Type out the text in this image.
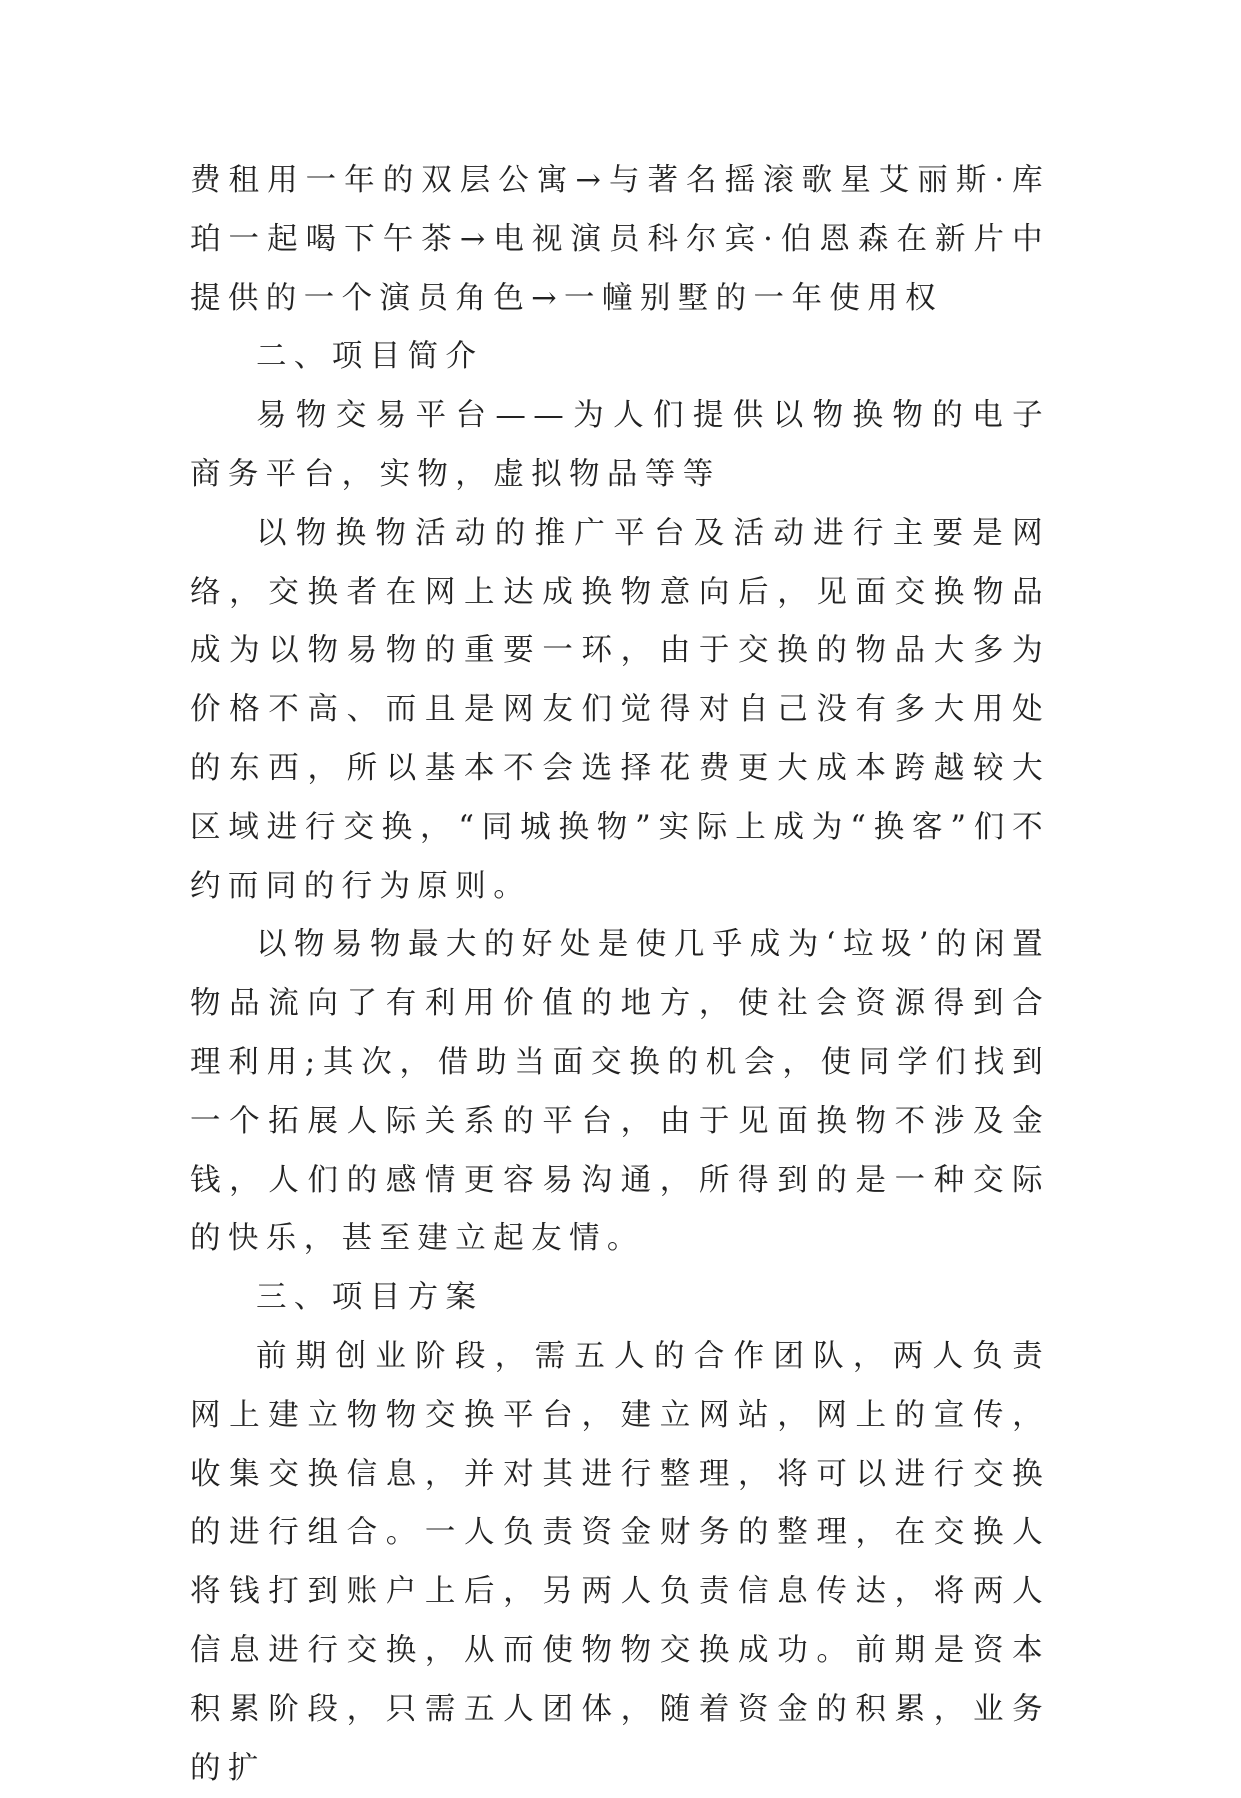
费租用一年的双层公寓→与著名摇滚歌星艾丽斯·库珀一起喝下午茶→电视演员科尔宾·伯恩森在新片中提供的一个演员角色→一幢别墅的一年使用权

二、项目简介

易物交易平台——为人们提供以物换物的电子商务平台，实物，虚拟物品等等

以物换物活动的推广平台及活动进行主要是网络，交换者在网上达成换物意向后，见面交换物品成为以物易物的重要一环，由于交换的物品大多为价格不高、而且是网友们觉得对自己没有多大用处的东西，所以基本不会选择花费更大成本跨越较大区域进行交换，“同城换物”实际上成为“换客”们不约而同的行为原则。

以物易物最大的好处是使几乎成为‘垃圾’的闲置物品流向了有利用价值的地方，使社会资源得到合理利用;其次，借助当面交换的机会，使同学们找到一个拓展人际关系的平台，由于见面换物不涉及金钱，人们的感情更容易沟通，所得到的是一种交际的快乐，甚至建立起友情。

三、项目方案

前期创业阶段，需五人的合作团队，两人负责网上建立物物交换平台，建立网站，网上的宣传，收集交换信息，并对其进行整理，将可以进行交换的进行组合。一人负责资金财务的整理，在交换人将钱打到账户上后，另两人负责信息传达，将两人信息进行交换，从而使物物交换成功。前期是资本积累阶段，只需五人团体，随着资金的积累，业务的扩
